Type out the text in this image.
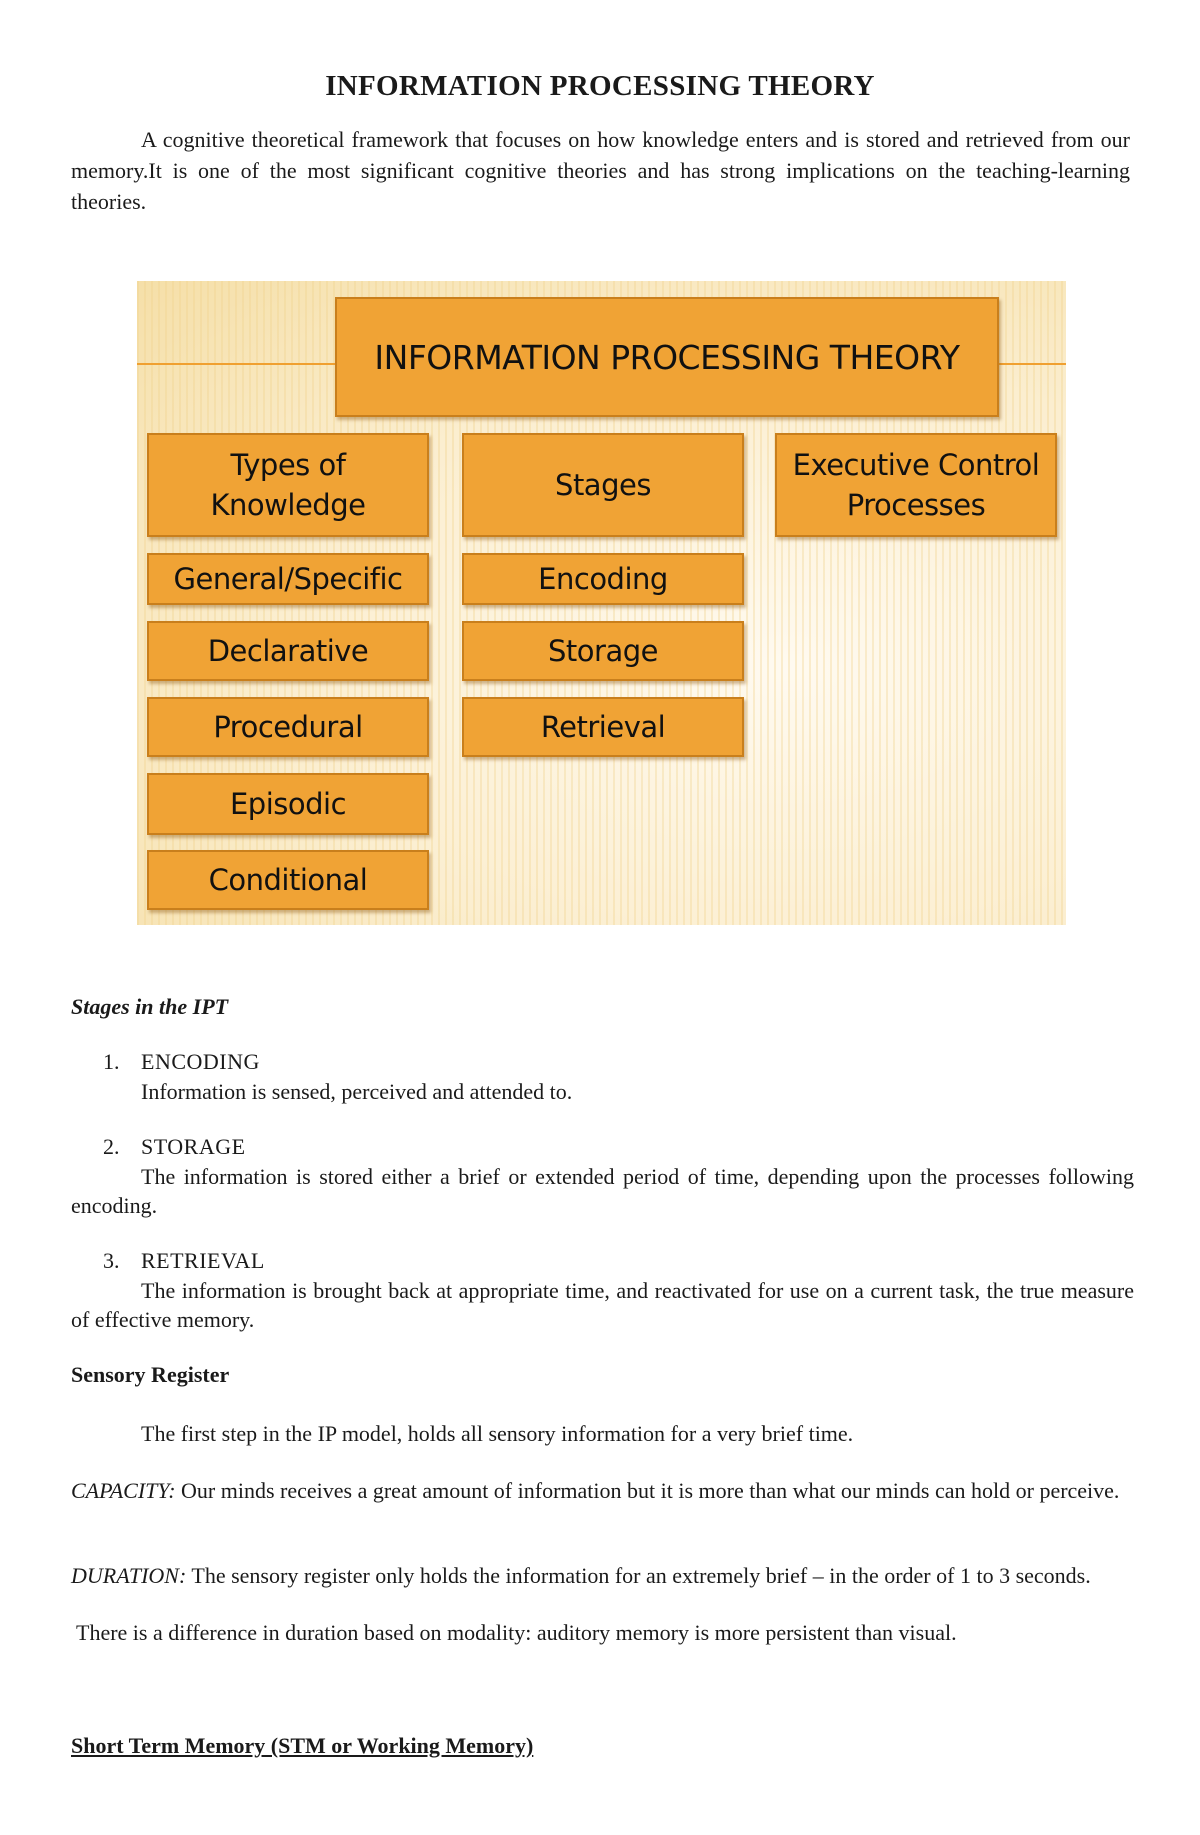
INFORMATION PROCESSING THEORY

A cognitive theoretical framework that focuses on how knowledge enters and is stored and retrieved from our memory.It is one of the most significant cognitive theories and has strong implications on the teaching-learning theories.

INFORMATION PROCESSING THEORY
Types of
Knowledge
General/Specific
Declarative
Procedural
Episodic
Conditional
Stages
Encoding
Storage
Retrieval
Executive Control
Processes
Stages in the IPT
1. ENCODING

Information is sensed, perceived and attended to.

2. STORAGE

The information is stored either a brief or extended period of time, depending upon the processes following encoding.

3. RETRIEVAL

The information is brought back at appropriate time, and reactivated for use on a current task, the true measure of effective memory.

Sensory Register

The first step in the IP model, holds all sensory information for a very brief time.

CAPACITY: Our minds receives a great amount of information but it is more than what our minds can hold or perceive.

DURATION: The sensory register only holds the information for an extremely brief – in the order of 1 to 3 seconds.

There is a difference in duration based on modality: auditory memory is more persistent than visual.

Short Term Memory (STM or Working Memory)
